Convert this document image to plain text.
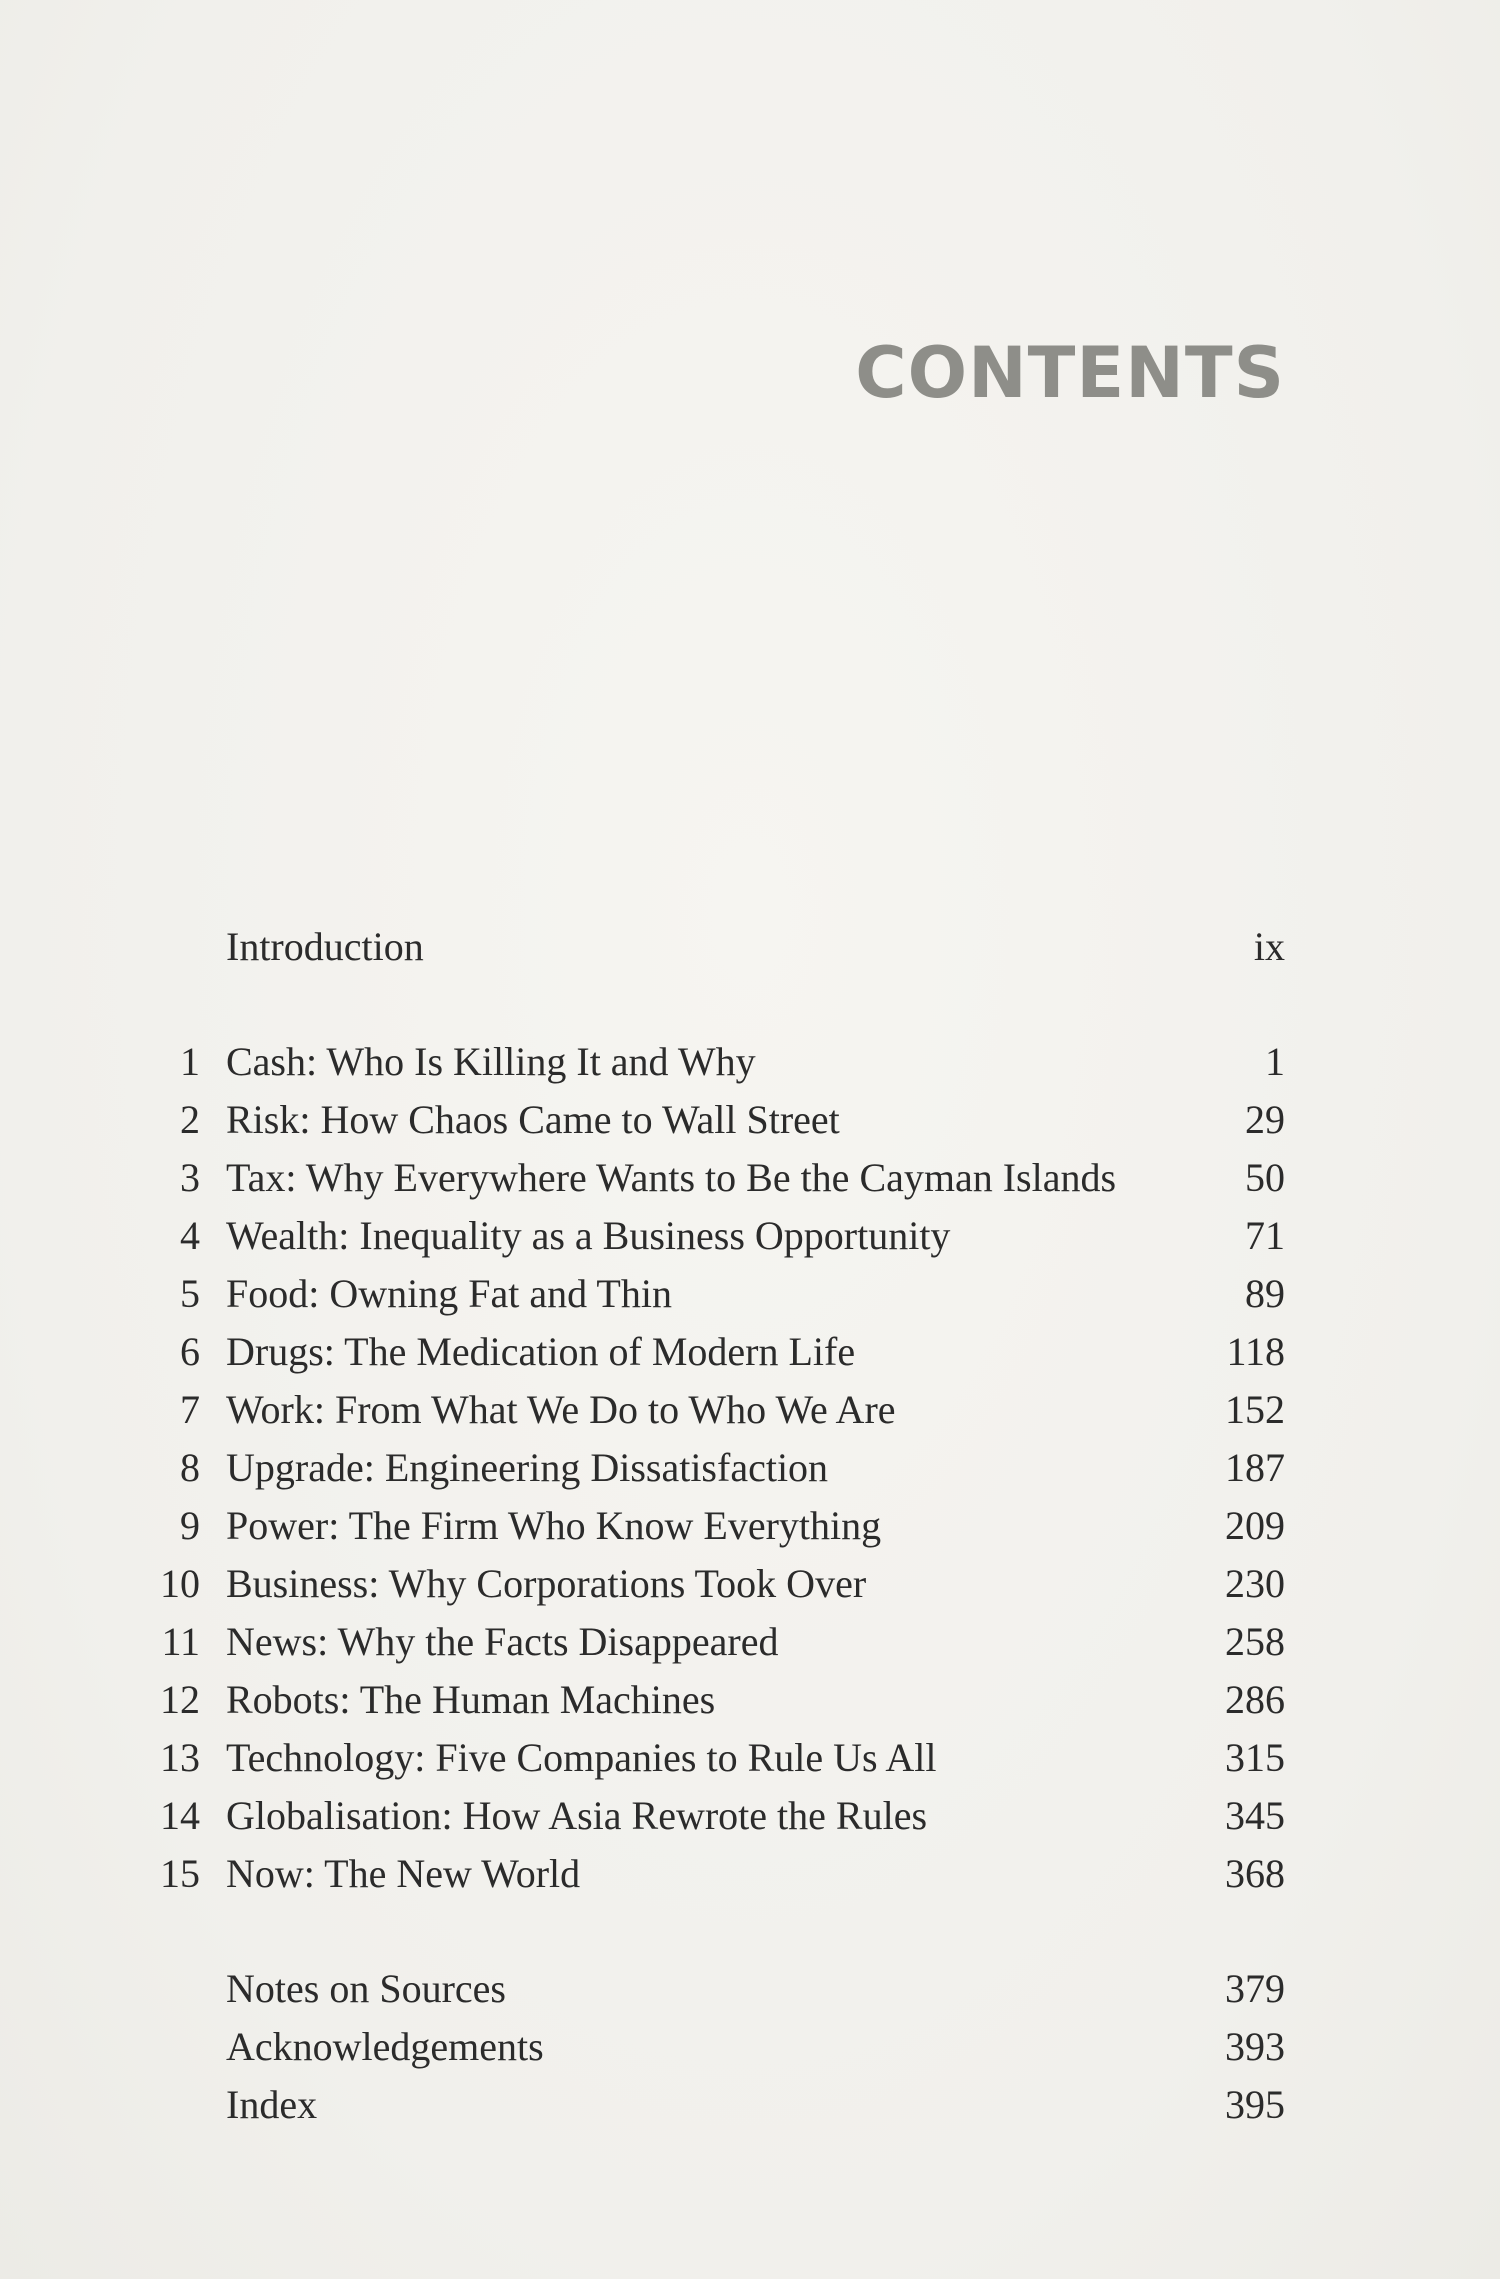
CONTENTS
Introduction	ix
1 Cash: Who Is Killing It and Why	1
2 Risk: How Chaos Came to Wall Street	29
3 Tax: Why Everywhere Wants to Be the Cayman Islands	50
4 Wealth: Inequality as a Business Opportunity	71
5 Food: Owning Fat and Thin	89
6 Drugs: The Medication of Modern Life	118
7 Work: From What We Do to Who We Are	152
8 Upgrade: Engineering Dissatisfaction	187
9 Power: The Firm Who Know Everything	209
10 Business: Why Corporations Took Over	230
11 News: Why the Facts Disappeared	258
12 Robots: The Human Machines	286
13 Technology: Five Companies to Rule Us All	315
14 Globalisation: How Asia Rewrote the Rules	345
15 Now: The New World	368
Notes on Sources	379
Acknowledgements	393
Index	395
